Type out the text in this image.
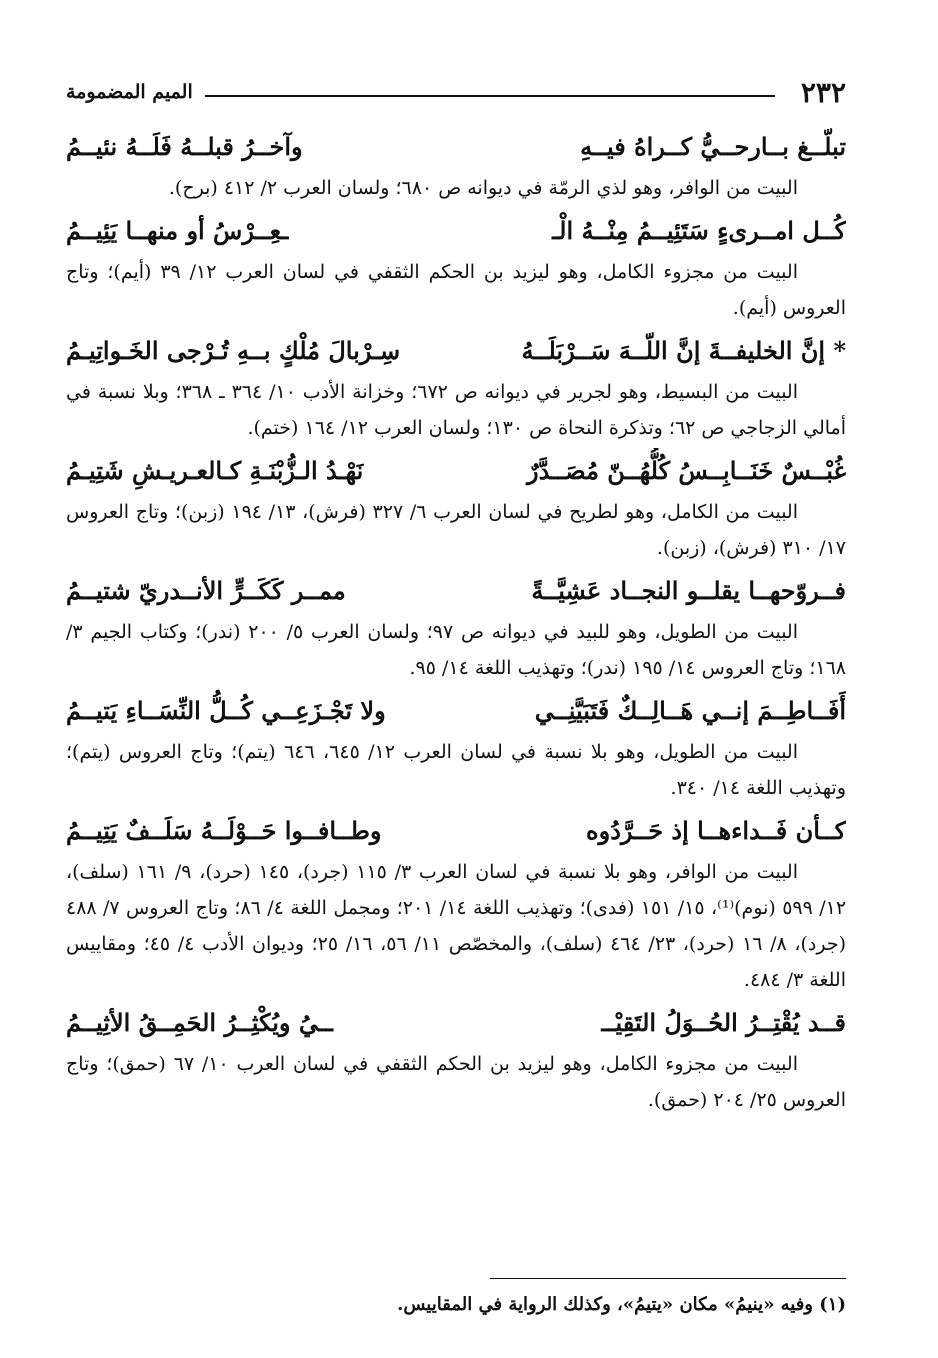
٢٣٢
الميم المضمومة
تبلّــغ بــارحــيُّ كــراهُ فيــهِ
وآخــرُ قبلــهُ فَلَــهُ نئيــمُ
البيت من الوافر، وهو لذي الرمّة في ديوانه ص ٦٨٠؛ ولسان العرب ٢/ ٤١٢ (برح).
كُــل امــرىءٍ سَتَئِيــمُ مِنْــهُ الْـ
ـعِــرْسُ أو منهــا يَئِيــمُ
البيت من مجزوء الكامل، وهو ليزيد بن الحكم الثقفي في لسان العرب ١٢/ ٣٩ (أيم)؛ وتاج العروس (أيم).
* إنَّ الخليفــةَ إنَّ اللّــهَ سَــرْبَلَــهُ
سِـرْبالَ مُلْكٍ بــهِ تُـرْجى الخَـواتِيـمُ
البيت من البسيط، وهو لجرير في ديوانه ص ٦٧٢؛ وخزانة الأدب ١٠/ ٣٦٤ ـ ٣٦٨؛ وبلا نسبة في أمالي الزجاجي ص ٦٢؛ وتذكرة النحاة ص ١٣٠؛ ولسان العرب ١٢/ ١٦٤ (ختم).
غُبْــسٌ خَنَــابِــسُ كُلُّهُــنّ مُصَــدَّرٌ
نَهْـدُ الـزُّبْنَـةِ كـالعـريـشِ شَتِيـمُ
البيت من الكامل، وهو لطريح في لسان العرب ٦/ ٣٢٧ (فرش)، ١٣/ ١٩٤ (زبن)؛ وتاج العروس ١٧/ ٣١٠ (فرش)، (زبن).
فــروّحهــا يقلــو النجــاد عَشِيَّــةً
ممــر كَكَــرٍّ الأنــدريّ شتيــمُ
البيت من الطويل، وهو للبيد في ديوانه ص ٩٧؛ ولسان العرب ٥/ ٢٠٠ (ندر)؛ وكتاب الجيم ٣/ ١٦٨؛ وتاج العروس ١٤/ ١٩٥ (ندر)؛ وتهذيب اللغة ١٤/ ٩٥.
أَفَــاطِــمَ إنــي هَــالِــكٌ فَتَبَيَّنِــي
ولا تَجْـزَعِــي كُــلُّ النِّسَــاءِ يَتيــمُ
البيت من الطويل، وهو بلا نسبة في لسان العرب ١٢/ ٦٤٥، ٦٤٦ (يتم)؛ وتاج العروس (يتم)؛ وتهذيب اللغة ١٤/ ٣٤٠.
كــأن فَــداءهــا إذ حَــرَّدُوه
وطــافــوا حَــوْلَــهُ سَلَــفٌ يَتِيــمُ
البيت من الوافر، وهو بلا نسبة في لسان العرب ٣/ ١١٥ (جرد)، ١٤٥ (حرد)، ٩/ ١٦١ (سلف)، ١٢/ ٥٩٩ (نوم)⁽¹⁾، ١٥/ ١٥١ (فدى)؛ وتهذيب اللغة ١٤/ ٢٠١؛ ومجمل اللغة ٤/ ٨٦؛ وتاج العروس ٧/ ٤٨٨ (جرد)، ٨/ ١٦ (حرد)، ٢٣/ ٤٦٤ (سلف)، والمخصّص ١١/ ٥٦، ١٦/ ٢٥؛ وديوان الأدب ٤/ ٤٥؛ ومقاييس اللغة ٣/ ٤٨٤.
قــد يُقْتِــرُ الحُــوَلُ التَقِيْــ
ــيُ ويُكْثِــرُ الحَمِــقُ الأثِيــمُ
البيت من مجزوء الكامل، وهو ليزيد بن الحكم الثقفي في لسان العرب ١٠/ ٦٧ (حمق)؛ وتاج العروس ٢٥/ ٢٠٤ (حمق).
(١) وفيه «ينيمُ» مكان «يتيمُ»، وكذلك الرواية في المقاييس.
